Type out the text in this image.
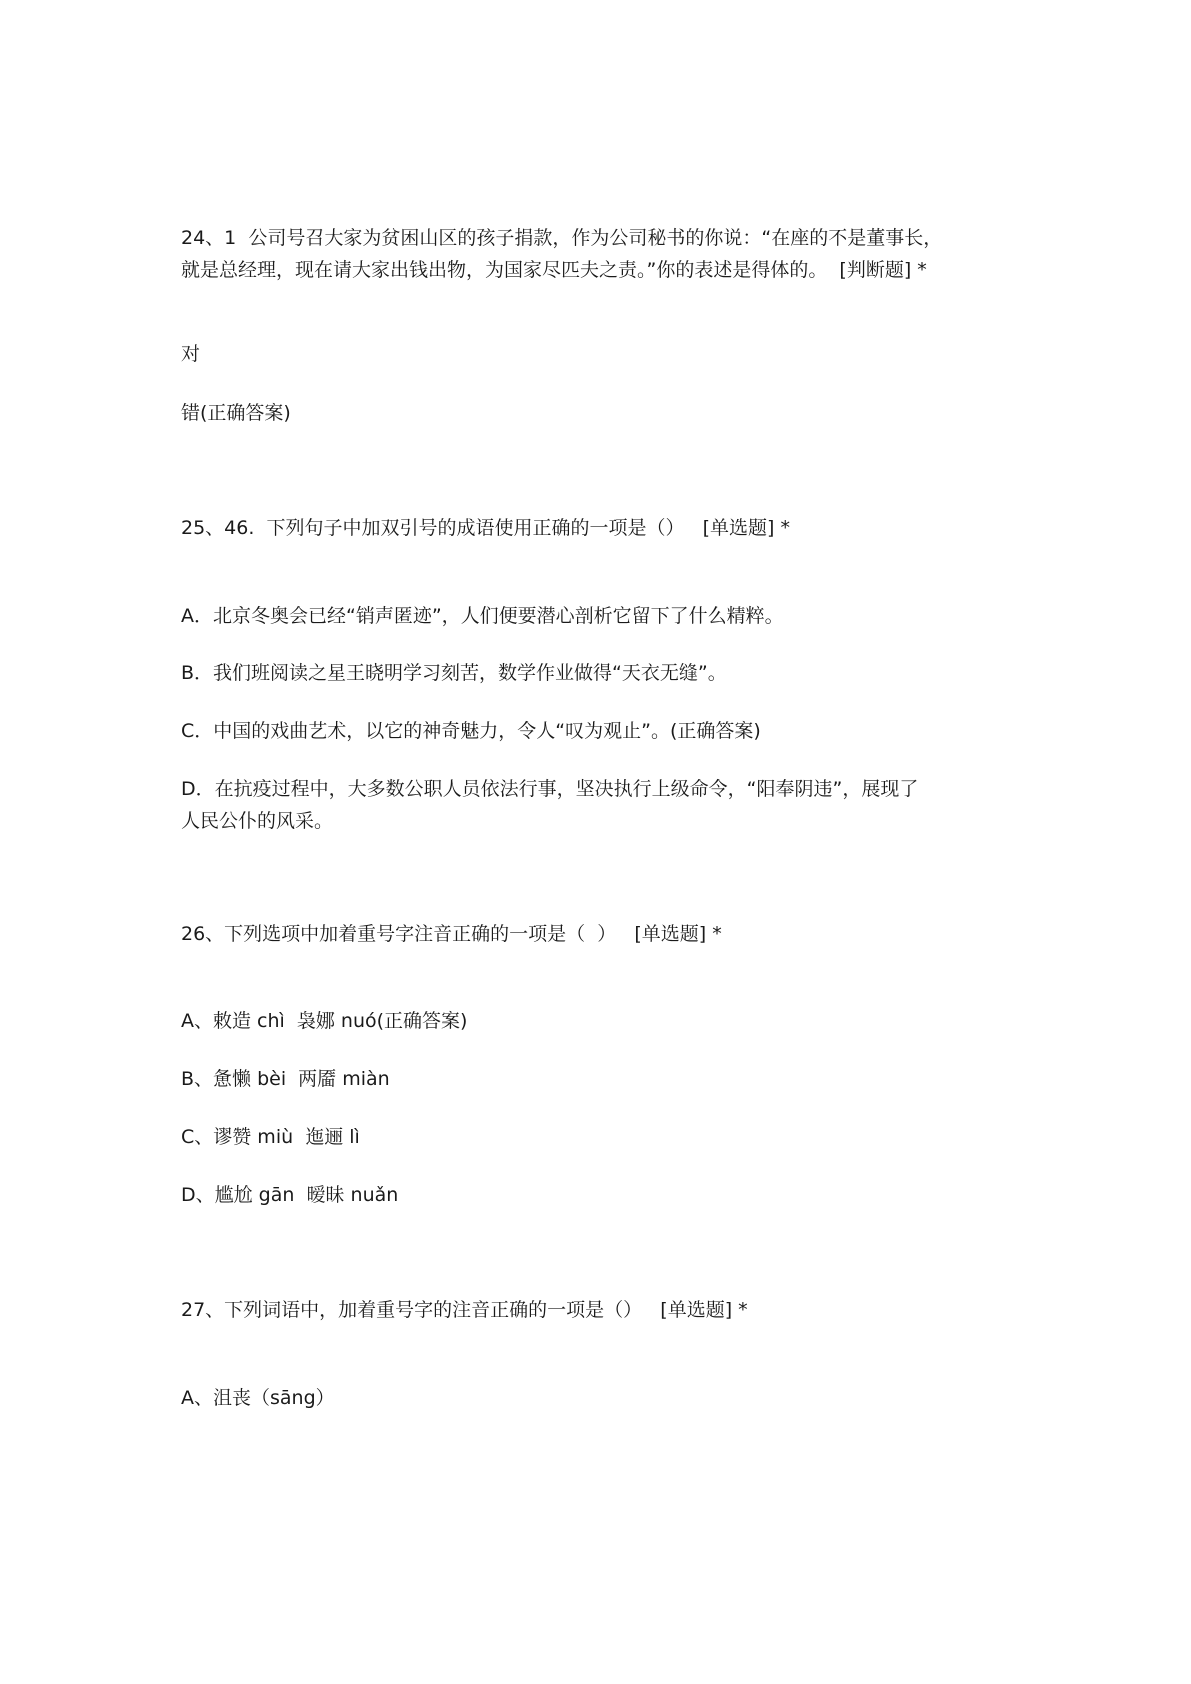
24、1  公司号召大家为贫困山区的孩子捐款，作为公司秘书的你说：“在座的不是董事长，
就是总经理，现在请大家出钱出物，为国家尽匹夫之责。”你的表述是得体的。  [判断题] *
对
错(正确答案)
25、46.  下列句子中加双引号的成语使用正确的一项是（）   [单选题] *
A．北京冬奥会已经“销声匿迹”，人们便要潜心剖析它留下了什么精粹。
B．我们班阅读之星王晓明学习刻苦，数学作业做得“天衣无缝”。
C．中国的戏曲艺术，以它的神奇魅力，令人“叹为观止”。(正确答案)
D．在抗疫过程中，大多数公职人员依法行事，坚决执行上级命令，“阳奉阴违”，展现了
人民公仆的风采。
26、下列选项中加着重号字注音正确的一项是（  ）   [单选题] *
A、敕造 chì  袅娜 nuó(正确答案)
B、惫懒 bèi  两靥 miàn
C、谬赞 miù  迤逦 lì
D、尴尬 gān  暧昧 nuǎn
27、下列词语中，加着重号字的注音正确的一项是（）   [单选题] *
A、沮丧（sāng）
